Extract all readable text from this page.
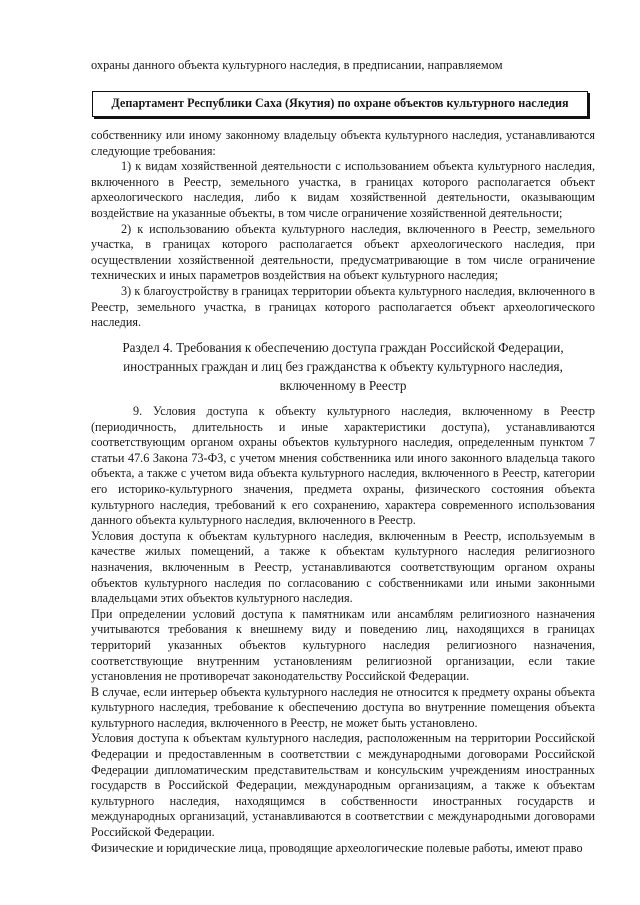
охраны данного объекта культурного наследия, в предписании, направляемом
Департамент Республики Саха (Якутия) по охране объектов культурного наследия

собственнику или иному законному владельцу объекта культурного наследия, устанавливаются следующие требования:

1) к видам хозяйственной деятельности с использованием объекта культурного наследия, включенного в Реестр, земельного участка, в границах которого располагается объект археологического наследия, либо к видам хозяйственной деятельности, оказывающим воздействие на указанные объекты, в том числе ограничение хозяйственной деятельности;

2) к использованию объекта культурного наследия, включенного в Реестр, земельного участка, в границах которого располагается объект археологического наследия, при осуществлении хозяйственной деятельности, предусматривающие в том числе ограничение технических и иных параметров воздействия на объект культурного наследия;

3) к благоустройству в границах территории объекта культурного наследия, включенного в Реестр, земельного участка, в границах которого располагается объект археологического наследия.

Раздел 4. Требования к обеспечению доступа граждан Российской Федерации,
иностранных граждан и лиц без гражданства к объекту культурного наследия,
включенному в Реестр

9. Условия доступа к объекту культурного наследия, включенному в Реестр (периодичность, длительность и иные характеристики доступа), устанавливаются соответствующим органом охраны объектов культурного наследия, определенным пунктом 7 статьи 47.6 Закона 73-ФЗ, с учетом мнения собственника или иного законного владельца такого объекта, а также с учетом вида объекта культурного наследия, включенного в Реестр, категории его историко-культурного значения, предмета охраны, физического состояния объекта культурного наследия, требований к его сохранению, характера современного использования данного объекта культурного наследия, включенного в Реестр.

Условия доступа к объектам культурного наследия, включенным в Реестр, используемым в качестве жилых помещений, а также к объектам культурного наследия религиозного назначения, включенным в Реестр, устанавливаются соответствующим органом охраны объектов культурного наследия по согласованию с собственниками или иными законными владельцами этих объектов культурного наследия.

При определении условий доступа к памятникам или ансамблям религиозного назначения учитываются требования к внешнему виду и поведению лиц, находящихся в границах территорий указанных объектов культурного наследия религиозного назначения, соответствующие внутренним установлениям религиозной организации, если такие установления не противоречат законодательству Российской Федерации.

В случае, если интерьер объекта культурного наследия не относится к предмету охраны объекта культурного наследия, требование к обеспечению доступа во внутренние помещения объекта культурного наследия, включенного в Реестр, не может быть установлено.

Условия доступа к объектам культурного наследия, расположенным на территории Российской Федерации и предоставленным в соответствии с международными договорами Российской Федерации дипломатическим представительствам и консульским учреждениям иностранных государств в Российской Федерации, международным организациям, а также к объектам культурного наследия, находящимся в собственности иностранных государств и международных организаций, устанавливаются в соответствии с международными договорами Российской Федерации.

Физические и юридические лица, проводящие археологические полевые работы, имеют право
